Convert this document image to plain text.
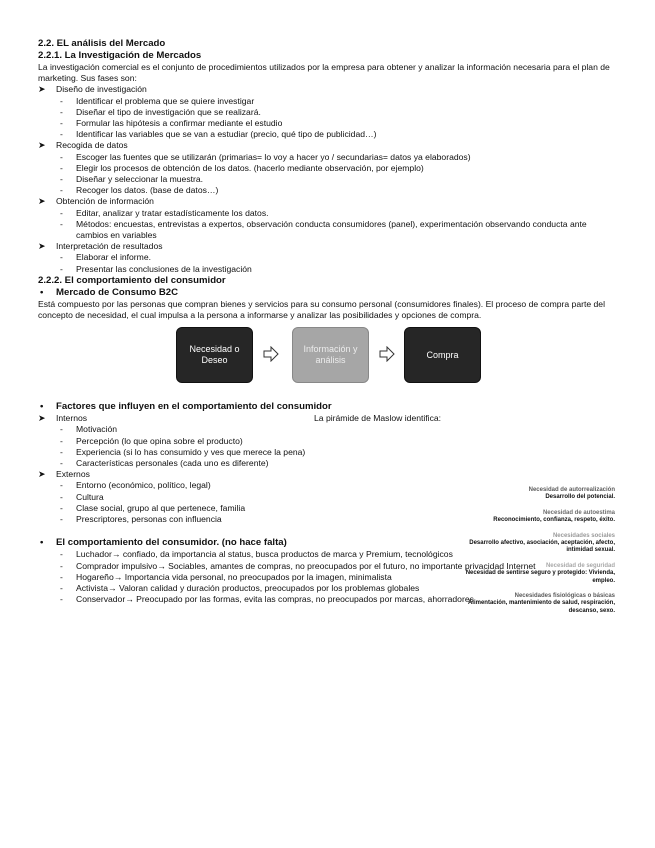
2.2. EL análisis del Mercado
2.2.1. La Investigación de Mercados

La investigación comercial es el conjunto de procedimientos utilizados por la empresa para obtener y analizar la información necesaria para el plan de marketing. Sus fases son:

➤ Diseño de investigación
- Identificar el problema que se quiere investigar
- Diseñar el tipo de investigación que se realizará.
- Formular las hipótesis a confirmar mediante el estudio
- Identificar las variables que se van a estudiar (precio, qué tipo de publicidad…)
➤ Recogida de datos
- Escoger las fuentes que se utilizarán (primarias= lo voy a hacer yo / secundarias= datos ya elaborados)
- Elegir los procesos de obtención de los datos. (hacerlo mediante observación, por ejemplo)
- Diseñar y seleccionar la muestra.
- Recoger los datos. (base de datos…)
➤ Obtención de información
- Editar, analizar y tratar estadísticamente los datos.
- Métodos: encuestas, entrevistas a expertos, observación conducta consumidores (panel), experimentación observando conducta ante cambios en variables
➤ Interpretación de resultados
- Elaborar el informe.
- Presentar las conclusiones de la investigación
2.2.2. El comportamiento del consumidor
• Mercado de Consumo B2C

Está compuesto por las personas que compran bienes y servicios para su consumo personal (consumidores finales). El proceso de compra parte del concepto de necesidad, el cual impulsa a la persona a informarse y analizar las posibilidades y opciones de compra.

Necesidad o Deseo
Información y análisis
Compra
• Factores que influyen en el comportamiento del consumidor
➤ Internos	La pirámide de Maslow identifica:
- Motivación
- Percepción (lo que opina sobre el producto)
- Experiencia (si lo has consumido y ves que merece la pena)
- Características personales (cada uno es diferente)
➤ Externos
- Entorno (económico, político, legal)
- Cultura
- Clase social, grupo al que pertenece, familia
- Prescriptores, personas con influencia
• El comportamiento del consumidor. (no hace falta)
- Luchador→ confiado, da importancia al status, busca productos de marca y Premium, tecnológicos
- Comprador impulsivo→ Sociables, amantes de compras, no preocupados por el futuro, no importante privacidad Internet
- Hogareño→ Importancia vida personal, no preocupados por la imagen, minimalista
- Activista→ Valoran calidad y duración productos, preocupados por los problemas globales
- Conservador→ Preocupado por las formas, evita las compras, no preocupados por marcas, ahorradores
Necesidad de autorrealización
Desarrollo del potencial.
Necesidad de autoestima
Reconocimiento, confianza, respeto, éxito.
Necesidades sociales
Desarrollo afectivo, asociación, aceptación, afecto, intimidad sexual.
Necesidad de seguridad
Necesidad de sentirse seguro y protegido: Vivienda, empleo.
Necesidades fisiológicas o básicas
Alimentación, mantenimiento de salud, respiración, descanso, sexo.
